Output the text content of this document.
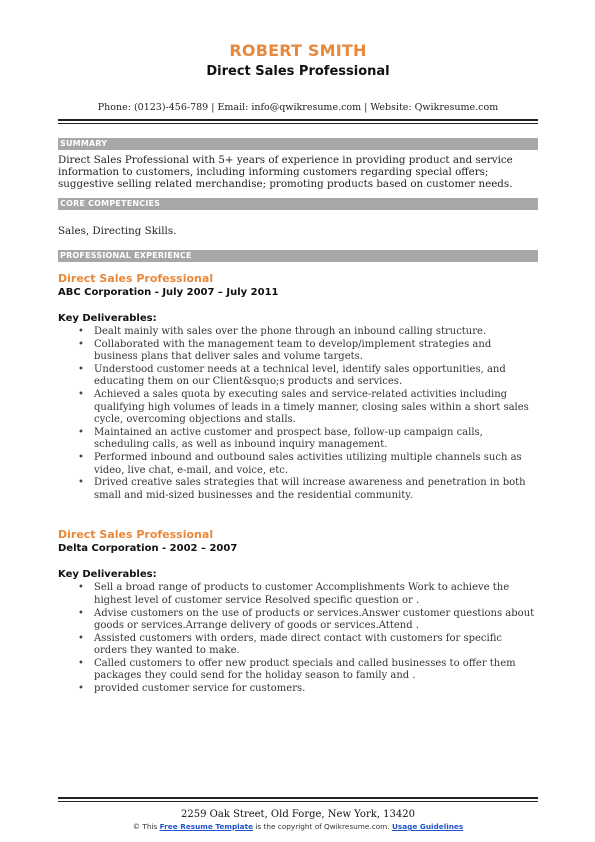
ROBERT SMITH
Direct Sales Professional
Phone: (0123)-456-789 | Email: info@qwikresume.com | Website: Qwikresume.com
SUMMARY
Direct Sales Professional with 5+ years of experience in providing product and service information to customers, including informing customers regarding special offers; suggestive selling related merchandise; promoting products based on customer needs.
CORE COMPETENCIES
Sales, Directing Skills.
PROFESSIONAL EXPERIENCE
Direct Sales Professional
ABC Corporation - July 2007 – July 2011
Key Deliverables:
• Dealt mainly with sales over the phone through an inbound calling structure.
• Collaborated with the management team to develop/implement strategies and business plans that deliver sales and volume targets.
• Understood customer needs at a technical level, identify sales opportunities, and educating them on our Client&squo;s products and services.
• Achieved a sales quota by executing sales and service-related activities including qualifying high volumes of leads in a timely manner, closing sales within a short sales cycle, overcoming objections and stalls.
• Maintained an active customer and prospect base, follow-up campaign calls, scheduling calls, as well as inbound inquiry management.
• Performed inbound and outbound sales activities utilizing multiple channels such as video, live chat, e-mail, and voice, etc.
• Drived creative sales strategies that will increase awareness and penetration in both small and mid-sized businesses and the residential community.
Direct Sales Professional
Delta Corporation - 2002 – 2007
Key Deliverables:
• Sell a broad range of products to customer Accomplishments Work to achieve the highest level of customer service Resolved specific question or .
• Advise customers on the use of products or services.Answer customer questions about goods or services.Arrange delivery of goods or services.Attend .
• Assisted customers with orders, made direct contact with customers for specific orders they wanted to make.
• Called customers to offer new product specials and called businesses to offer them packages they could send for the holiday season to family and .
• provided customer service for customers.
2259 Oak Street, Old Forge, New York, 13420
© This Free Resume Template is the copyright of Qwikresume.com. Usage Guidelines
